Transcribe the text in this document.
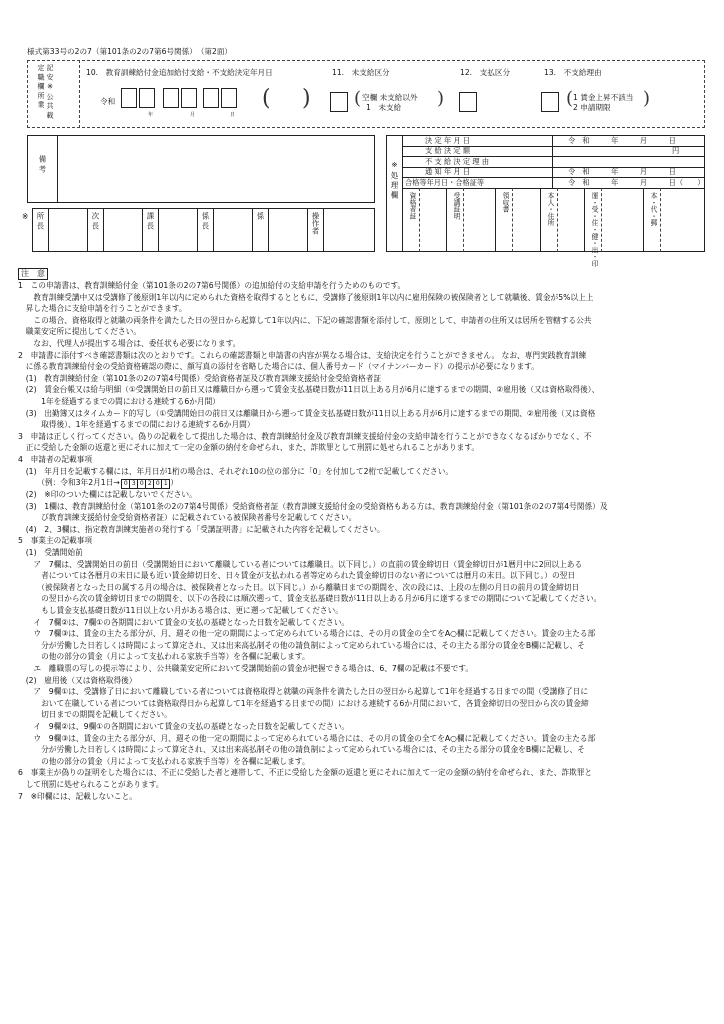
様式第33号の2の7（第101条の2の7第6号関係）　（第2面）
記 安 ※ 公 共 載 定 職 欄 所 業	10.　教育訓練給付金追加給付支給・不支給決定年月日
令和
年	月	日
( )
11.　未支給区分
( 空欄 未支給以外
1　未支給 )
12.　支払区分	13.　不支給理由
( 1 賃金上昇不該当
2 申請期限 )
備 考
※ 所 長	次 長	課 長	係 長	係	操作者
※ 処 理 欄
決 定 年 月 日	令　和　　　年　　　月　　　日
支 給 決 定 額	円
不 支 給 決 定 理 由
通 知 年 月 日	令　和　　　年　　　月　　　日
合格等年月日・合格証等	令　和　　　年　　　月　　　日（　　）
資格者証	受講証明	領収書	本人・住所	運・受・住・健・出・印	本・代・郵
注　意

1　この申請書は、教育訓練給付金（第101条の2の7第6号関係）の追加給付の支給申請を行うためのものです。

　　教育訓練受講中又は受講修了後原則1年以内に定められた資格を取得するとともに、受講修了後原則1年以内に雇用保険の被保険者として就職後、賃金が5%以上上

　昇した場合に支給申請を行うことができます。

　　この場合、資格取得と就職の両条件を満たした日の翌日から起算して1年以内に、下記の確認書類を添付して、原則として、申請者の住所又は居所を管轄する公共

　職業安定所に提出してください。

　　なお、代理人が提出する場合は、委任状も必要になります。

2　申請書に添付すべき確認書類は次のとおりです。これらの確認書類と申請書の内容が異なる場合は、支給決定を行うことができません。 なお、専門実践教育訓練

　に係る教育訓練給付金の受給資格確認の際に、顔写真の添付を省略した場合には、個人番号カード（マイナンバーカード）の提示が必要になります。

　(1)　教育訓練給付金（第101条の2の7第4号関係）受給資格者証及び教育訓練支援給付金受給資格者証

　(2)　賃金台帳又は給与明細（①受講開始日の前日又は離職日から遡って賃金支払基礎日数が11日以上ある月が6月に達するまでの期間、②雇用後（又は資格取得後）、

　　　1年を経過するまでの間における連続する6か月間）

　(3)　出勤簿又はタイムカード的写し（①受講開始日の前日又は離職日から遡って賃金支払基礎日数が11日以上ある月が6月に達するまでの期間、②雇用後（又は資格

　　　取得後）、1年を経過するまでの間における連続する6か月間）

3　申請は正しく行ってください。偽りの記載をして提出した場合は、教育訓練給付金及び教育訓練支援給付金の支給申請を行うことができなくなるばかりでなく、不

　正に受給した金額の返還と更にそれに加えて一定の金額の納付を命ぜられ、また、詐欺罪として刑罰に処せられることがあります。

4　申請者の記載事項

　(1)　年月日を記載する欄には、年月日が1桁の場合は、それぞれ10の位の部分に「0」を付加して2桁で記載してください。

　　　（例：令和3年2月1日→ 0 3 0 2 0 1 ）

　(2)　※印のついた欄には記載しないでください。

　(3)　1欄は、教育訓練給付金（第101条の2の7第4号関係）受給資格者証（教育訓練支援給付金の受給資格もある方は、教育訓練給付金（第101条の2の7第4号関係）及

　　　び教育訓練支援給付金受給資格者証）に記載されている被保険者番号を記載してください。

　(4)　2、3欄は、指定教育訓練実施者の発行する「受講証明書」に記載された内容を記載してください。

5　事業主の記載事項

　(1)　受講開始前

　　ア　7欄は、受講開始日の前日（受講開始日において離職している者については離職日。以下同じ。）の直前の賃金締切日（賃金締切日が1暦月中に2回以上ある

　　　者については各暦月の末日に最も近い賃金締切日を、日々賃金が支払われる者等定められた賃金締切日のない者については暦月の末日。以下同じ。）の翌日

　　　（被保険者となった日の属する月の場合は、被保険者となった日。以下同じ。）から離職日までの期間を、次の段には、上段の左側の月日の前月の賃金締切日

　　　の翌日から次の賃金締切日までの期間を、以下の各段には順次遡って、賃金支払基礎日数が11日以上ある月が6月に達するまでの期間について記載してください。

　　　もし賃金支払基礎日数が11日以上ない月がある場合は、更に遡って記載してください。

　　イ　7欄②は、7欄①の各期間において賃金の支払の基礎となった日数を記載してください。

　　ウ　7欄③は、賃金の主たる部分が、月、週その他一定の期間によって定められている場合には、その月の賃金の全てをA○欄に記載してください。賃金の主たる部

　　　分が労働した日若しくは時間によって算定され、又は出来高払制その他の請負制によって定められている場合には、その主たる部分の賃金をB欄に記載し、そ

　　　の他の部分の賃金（月によって支払われる家族手当等）を各欄に記載します。

　　エ　離職票の写しの提示等により、公共職業安定所において受講開始前の賃金が把握できる場合は、6、7欄の記載は不要です。

　(2)　雇用後（又は資格取得後）

　　ア　9欄①は、受講修了日において離職している者については資格取得と就職の両条件を満たした日の翌日から起算して1年を経過する日までの間（受講修了日に

　　　おいて在職している者については資格取得日から起算して1年を経過する日までの間）における連続する6か月間において、各賃金締切日の翌日から次の賃金締

　　　切日までの期間を記載してください。

　　イ　9欄②は、9欄①の各期間において賃金の支払の基礎となった日数を記載してください。

　　ウ　9欄③は、賃金の主たる部分が、月、週その他一定の期間によって定められている場合には、その月の賃金の全てをA○欄に記載してください。賃金の主たる部

　　　分が労働した日若しくは時間によって算定され、又は出来高払制その他の請負制によって定められている場合には、その主たる部分の賃金をB欄に記載し、そ

　　　の他の部分の賃金（月によって支払われる家族手当等）を各欄に記載します。

6　事業主が偽りの証明をした場合には、不正に受給した者と連帯して、不正に受給した金額の返還と更にそれに加えて一定の金額の納付を命ぜられ、また、詐欺罪と

　して刑罰に処せられることがあります。

7　※印欄には、記載しないこと。
